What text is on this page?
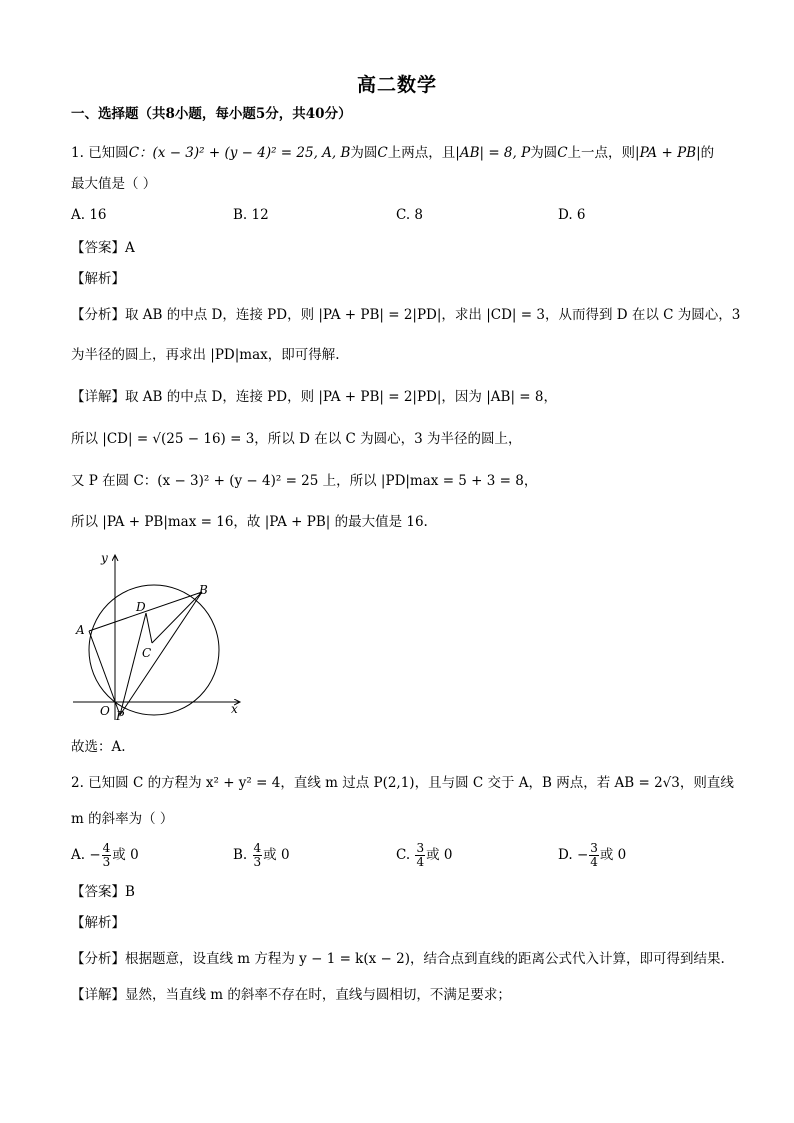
高二数学
一、选择题（共8小题，每小题5分，共40分）
1. 已知圆C：(x − 3)² + (y − 4)² = 25, A, B为圆C上两点，且|AB| = 8, P为圆C上一点，则|PA + PB|的
最大值是（ ）
A. 16	B. 12	C. 8	D. 6
【答案】A
【解析】
【分析】取 AB 的中点 D，连接 PD，则 |PA + PB| = 2|PD|，求出 |CD| = 3，从而得到 D 在以 C 为圆心，3
为半径的圆上，再求出 |PD|max，即可得解.
【详解】取 AB 的中点 D，连接 PD，则 |PA + PB| = 2|PD|，因为 |AB| = 8，
所以 |CD| = √(25 − 16) = 3，所以 D 在以 C 为圆心，3 为半径的圆上，
又 P 在圆 C：(x − 3)² + (y − 4)² = 25 上，所以 |PD|max = 5 + 3 = 8，
所以 |PA + PB|max = 16，故 |PA + PB| 的最大值是 16.
y
x
O P
A
B
D
C
故选：A.
2. 已知圆 C 的方程为 x² + y² = 4，直线 m 过点 P(2,1)，且与圆 C 交于 A，B 两点，若 AB = 2√3，则直线
m 的斜率为（ ）
A. − $\frac{4}{3}$ 或 0	B. $\frac{4}{3}$ 或 0	C. $\frac{3}{4}$ 或 0	D. − $\frac{3}{4}$ 或 0
【答案】B
【解析】
【分析】根据题意，设直线 m 方程为 y − 1 = k(x − 2)，结合点到直线的距离公式代入计算，即可得到结果.
【详解】显然，当直线 m 的斜率不存在时，直线与圆相切，不满足要求；
